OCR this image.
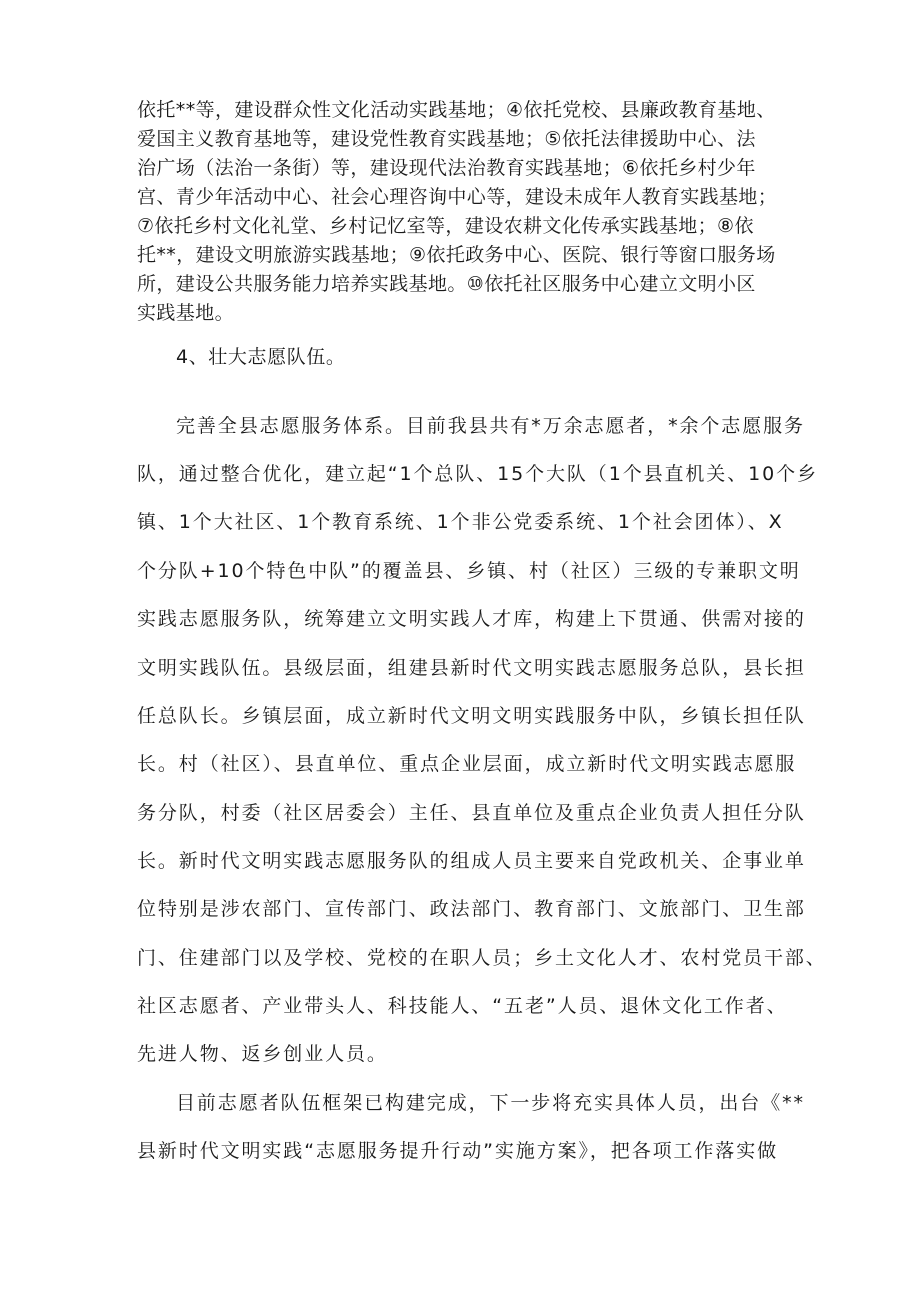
依托**等，建设群众性文化活动实践基地；④依托党校、县廉政教育基地、
爱国主义教育基地等，建设党性教育实践基地；⑤依托法律援助中心、法
治广场（法治一条街）等，建设现代法治教育实践基地；⑥依托乡村少年
宫、青少年活动中心、社会心理咨询中心等，建设未成年人教育实践基地；
⑦依托乡村文化礼堂、乡村记忆室等，建设农耕文化传承实践基地；⑧依
托**，建设文明旅游实践基地；⑨依托政务中心、医院、银行等窗口服务场
所，建设公共服务能力培养实践基地。⑩依托社区服务中心建立文明小区
实践基地。
4、壮大志愿队伍。
完善全县志愿服务体系。目前我县共有*万余志愿者，*余个志愿服务
队，通过整合优化，建立起“1个总队、15个大队（1个县直机关、10个乡
镇、1个大社区、1个教育系统、1个非公党委系统、1个社会团体）、X
个分队+10个特色中队”的覆盖县、乡镇、村（社区）三级的专兼职文明
实践志愿服务队，统筹建立文明实践人才库，构建上下贯通、供需对接的
文明实践队伍。县级层面，组建县新时代文明实践志愿服务总队，县长担
任总队长。乡镇层面，成立新时代文明文明实践服务中队，乡镇长担任队
长。村（社区）、县直单位、重点企业层面，成立新时代文明实践志愿服
务分队，村委（社区居委会）主任、县直单位及重点企业负责人担任分队
长。新时代文明实践志愿服务队的组成人员主要来自党政机关、企事业单
位特别是涉农部门、宣传部门、政法部门、教育部门、文旅部门、卫生部
门、住建部门以及学校、党校的在职人员；乡土文化人才、农村党员干部、
社区志愿者、产业带头人、科技能人、“五老”人员、退休文化工作者、
先进人物、返乡创业人员。
目前志愿者队伍框架已构建完成，下一步将充实具体人员，出台《**
县新时代文明实践“志愿服务提升行动”实施方案》，把各项工作落实做
